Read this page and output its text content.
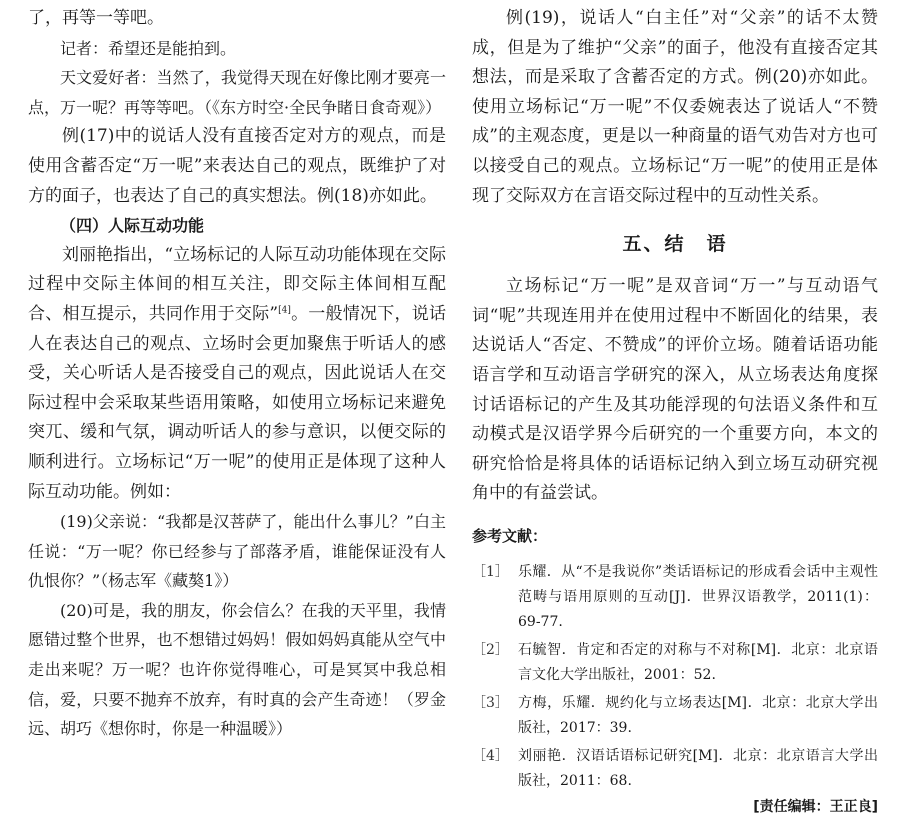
了，再等一等吧。

记者：希望还是能拍到。

天文爱好者：当然了，我觉得天现在好像比刚才要亮一点，万一呢？再等等吧。（《东方时空·全民争睹日食奇观》）

例(17)中的说话人没有直接否定对方的观点，而是使用含蓄否定“万一呢”来表达自己的观点，既维护了对方的面子，也表达了自己的真实想法。例(18)亦如此。

（四）人际互动功能

刘丽艳指出，“立场标记的人际互动功能体现在交际过程中交际主体间的相互关注，即交际主体间相互配合、相互提示，共同作用于交际”[4]。一般情况下，说话人在表达自己的观点、立场时会更加聚焦于听话人的感受，关心听话人是否接受自己的观点，因此说话人在交际过程中会采取某些语用策略，如使用立场标记来避免突兀、缓和气氛，调动听话人的参与意识，以便交际的顺利进行。立场标记“万一呢”的使用正是体现了这种人际互动功能。例如：

(19)父亲说：“我都是汉菩萨了，能出什么事儿？”白主任说：“万一呢？你已经参与了部落矛盾，谁能保证没有人仇恨你？”（杨志军《藏獒1》）

(20)可是，我的朋友，你会信么？在我的天平里，我情愿错过整个世界，也不想错过妈妈！假如妈妈真能从空气中走出来呢？万一呢？也许你觉得唯心，可是冥冥中我总相信，爱，只要不抛弃不放弃，有时真的会产生奇迹！（罗金远、胡巧《想你时，你是一种温暖》）

例(19)，说话人“白主任”对“父亲”的话不太赞成，但是为了维护“父亲”的面子，他没有直接否定其想法，而是采取了含蓄否定的方式。例(20)亦如此。使用立场标记“万一呢”不仅委婉表达了说话人“不赞成”的主观态度，更是以一种商量的语气劝告对方也可以接受自己的观点。立场标记“万一呢”的使用正是体现了交际双方在言语交际过程中的互动性关系。

五、结　语

立场标记“万一呢”是双音词“万一”与互动语气词“呢”共现连用并在使用过程中不断固化的结果，表达说话人“否定、不赞成”的评价立场。随着话语功能语言学和互动语言学研究的深入，从立场表达角度探讨话语标记的产生及其功能浮现的句法语义条件和互动模式是汉语学界今后研究的一个重要方向，本文的研究恰恰是将具体的话语标记纳入到立场互动研究视角中的有益尝试。

参考文献：
［1］ 乐耀．从“不是我说你”类话语标记的形成看会话中主观性范畴与语用原则的互动[J]．世界汉语教学，2011(1)：69-77.
［2］ 石毓智．肯定和否定的对称与不对称[M]．北京：北京语言文化大学出版社，2001：52.
［3］ 方梅，乐耀．规约化与立场表达[M]．北京：北京大学出版社，2017：39.
［4］ 刘丽艳．汉语话语标记研究[M]．北京：北京语言大学出版社，2011：68.
[责任编辑：王正良]
